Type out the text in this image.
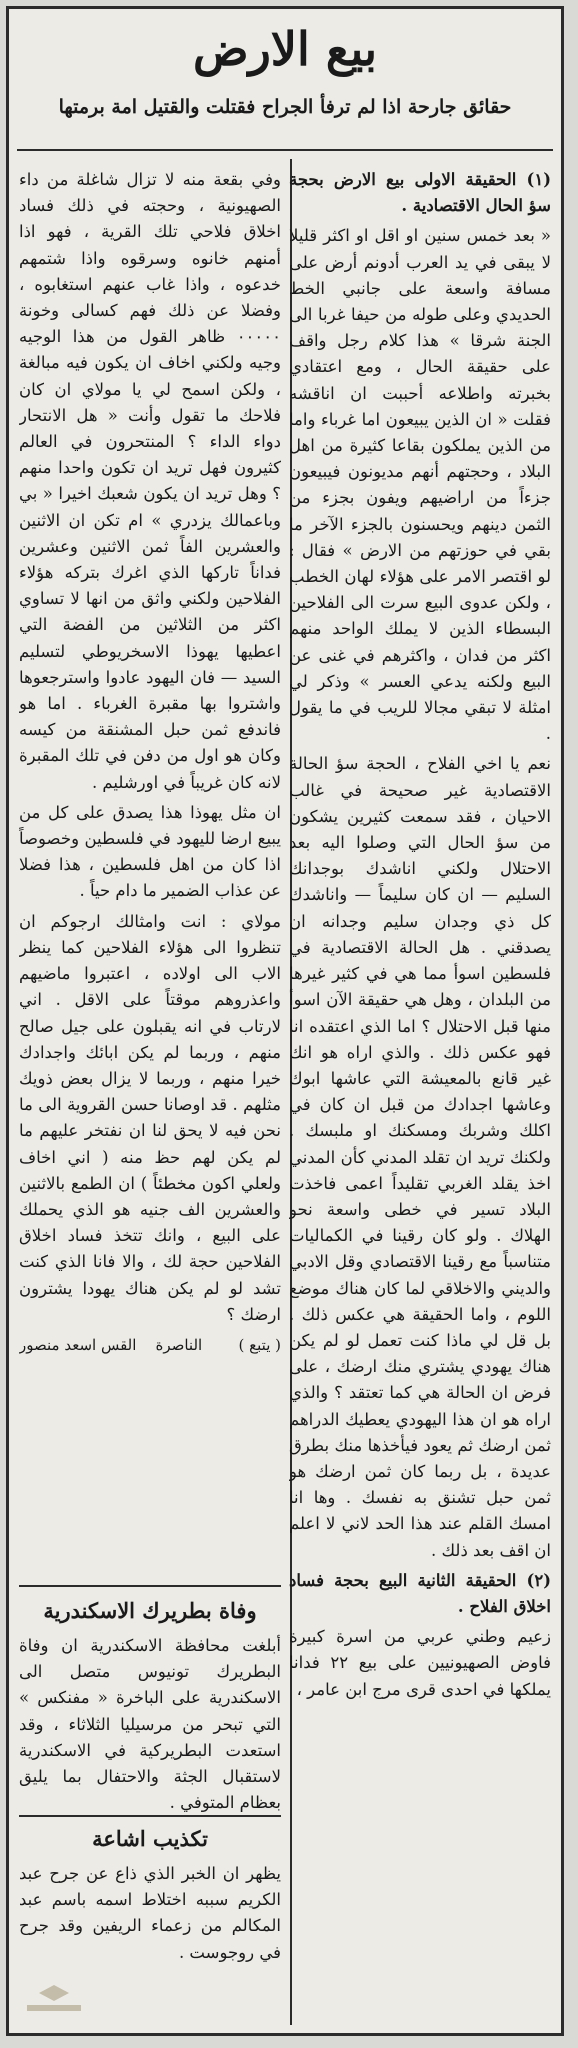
بيع الارض
حقائق جارحة اذا لم ترفأ الجراح فقتلت والقتيل امة برمتها

(١) الحقيقة الاولى بيع الارض بحجة سؤ الحال الاقتصادية .

« بعد خمس سنين او اقل او اكثر قليلا لا يبقى في يد العرب أدونم أرض على مسافة واسعة على جانبي الخط الحديدي وعلى طوله من حيفا غربا الى الجنة شرقا » هذا كلام رجل واقف على حقيقة الحال ، ومع اعتقادي بخبرته واطلاعه أحببت ان اناقشه فقلت « ان الذين يبيعون اما غرباء واما من الذين يملكون بقاعا كثيرة من اهل البلاد ، وحجتهم أنهم مديونون فيبيعون جزءاً من اراضيهم ويفون بجزء من الثمن دينهم ويحسنون بالجزء الآخر ما بقي في حوزتهم من الارض » فقال : لو اقتصر الامر على هؤلاء لهان الخطب ، ولكن عدوى البيع سرت الى الفلاحين البسطاء الذين لا يملك الواحد منهم اكثر من فدان ، واكثرهم في غنى عن البيع ولكنه يدعي العسر » وذكر لي امثلة لا تبقي مجالا للريب في ما يقول .

نعم يا اخي الفلاح ، الحجة سؤ الحالة الاقتصادية غير صحيحة في غالب الاحيان ، فقد سمعت كثيرين يشكون من سؤ الحال التي وصلوا اليه بعد الاحتلال ولكني اناشدك بوجدانك السليم — ان كان سليماً — واناشدك كل ذي وجدان سليم وجدانه ان يصدقني . هل الحالة الاقتصادية في فلسطين اسوأ مما هي في كثير غيرها من البلدان ، وهل هي حقيقة الآن اسوأ منها قبل الاحتلال ؟ اما الذي اعتقده انا فهو عكس ذلك . والذي اراه هو انك غير قانع بالمعيشة التي عاشها ابوك وعاشها اجدادك من قبل ان كان في اكلك وشربك ومسكنك او ملبسك . ولكنك تريد ان تقلد المدني كأن المدني اخذ يقلد الغربي تقليداً اعمى فاخذت البلاد تسير في خطى واسعة نحو الهلاك . ولو كان رقينا في الكماليات متناسباً مع رقينا الاقتصادي وقل الادبي والديني والاخلاقي لما كان هناك موضع اللوم ، واما الحقيقة هي عكس ذلك . بل قل لي ماذا كنت تعمل لو لم يكن هناك يهودي يشتري منك ارضك ، على فرض ان الحالة هي كما تعتقد ؟ والذي اراه هو ان هذا اليهودي يعطيك الدراهم ثمن ارضك ثم يعود فيأخذها منك بطرق عديدة ، بل ربما كان ثمن ارضك هو ثمن حبل تشنق به نفسك . وها انا امسك القلم عند هذا الحد لاني لا اعلم ان اقف بعد ذلك .

(٢) الحقيقة الثانية البيع بحجة فساد اخلاق الفلاح .

زعيم وطني عربي من اسرة كبيرة فاوض الصهيونيين على بيع ٢٢ فدانا يملكها في احدى قرى مرج ابن عامر ،

وفي بقعة منه لا تزال شاغلة من داء الصهيونية ، وحجته في ذلك فساد اخلاق فلاحي تلك القرية ، فهو اذا أمنهم خانوه وسرقوه واذا شتمهم خدعوه ، واذا غاب عنهم استغابوه ، وفضلا عن ذلك فهم كسالى وخونة ٠٠٠٠٠ ظاهر القول من هذا الوجيه وجيه ولكني اخاف ان يكون فيه مبالغة ، ولكن اسمح لي يا مولاي ان كان فلاحك ما تقول وأنت « هل الانتحار دواء الداء ؟ المنتحرون في العالم كثيرون فهل تريد ان تكون واحدا منهم ؟ وهل تريد ان يكون شعبك اخيرا « بي وباعمالك يزدري » ام تكن ان الاثنين والعشرين الفاً ثمن الاثنين وعشرين فداناً تاركها الذي اغرك بتركه هؤلاء الفلاحين ولكني واثق من انها لا تساوي اكثر من الثلاثين من الفضة التي اعطيها يهوذا الاسخريوطي لتسليم السيد — فان اليهود عادوا واسترجعوها واشتروا بها مقبرة الغرباء . اما هو فاندفع ثمن حبل المشنقة من كيسه وكان هو اول من دفن في تلك المقبرة لانه كان غريباً في اورشليم .

ان مثل يهوذا هذا يصدق على كل من يبيع ارضا لليهود في فلسطين وخصوصاً اذا كان من اهل فلسطين ، هذا فضلا عن عذاب الضمير ما دام حياً .

مولاي : انت وامثالك ارجوكم ان تنظروا الى هؤلاء الفلاحين كما ينظر الاب الى اولاده ، اعتبروا ماضيهم واعذروهم موقتاً على الاقل . اني لارتاب في انه يقبلون على جيل صالح منهم ، وربما لم يكن ابائك واجدادك خيرا منهم ، وربما لا يزال بعض ذويك مثلهم . قد اوصانا حسن القروية الى ما نحن فيه لا يحق لنا ان نفتخر عليهم ما لم يكن لهم حظ منه ( اني اخاف ولعلي اكون مخطئاً ) ان الطمع بالاثنين والعشرين الف جنيه هو الذي يحملك على البيع ، وانك تتخذ فساد اخلاق الفلاحين حجة لك ، والا فانا الذي كنت تشد لو لم يكن هناك يهودا يشترون ارضك ؟

( يتبع )
الناصرة    القس اسعد منصور
وفاة بطريرك الاسكندرية

أبلغت محافظة الاسكندرية ان وفاة البطريرك تونيوس متصل الى الاسكندرية على الباخرة « مفنكس » التي تبحر من مرسيليا الثلاثاء ، وقد استعدت البطريركية في الاسكندرية لاستقبال الجثة والاحتفال بما يليق بعظام المتوفي .

تكذيب اشاعة

يظهر ان الخبر الذي ذاع عن جرح عبد الكريم سببه اختلاط اسمه باسم عبد المكالم من زعماء الريفين وقد جرح في روجوست .
